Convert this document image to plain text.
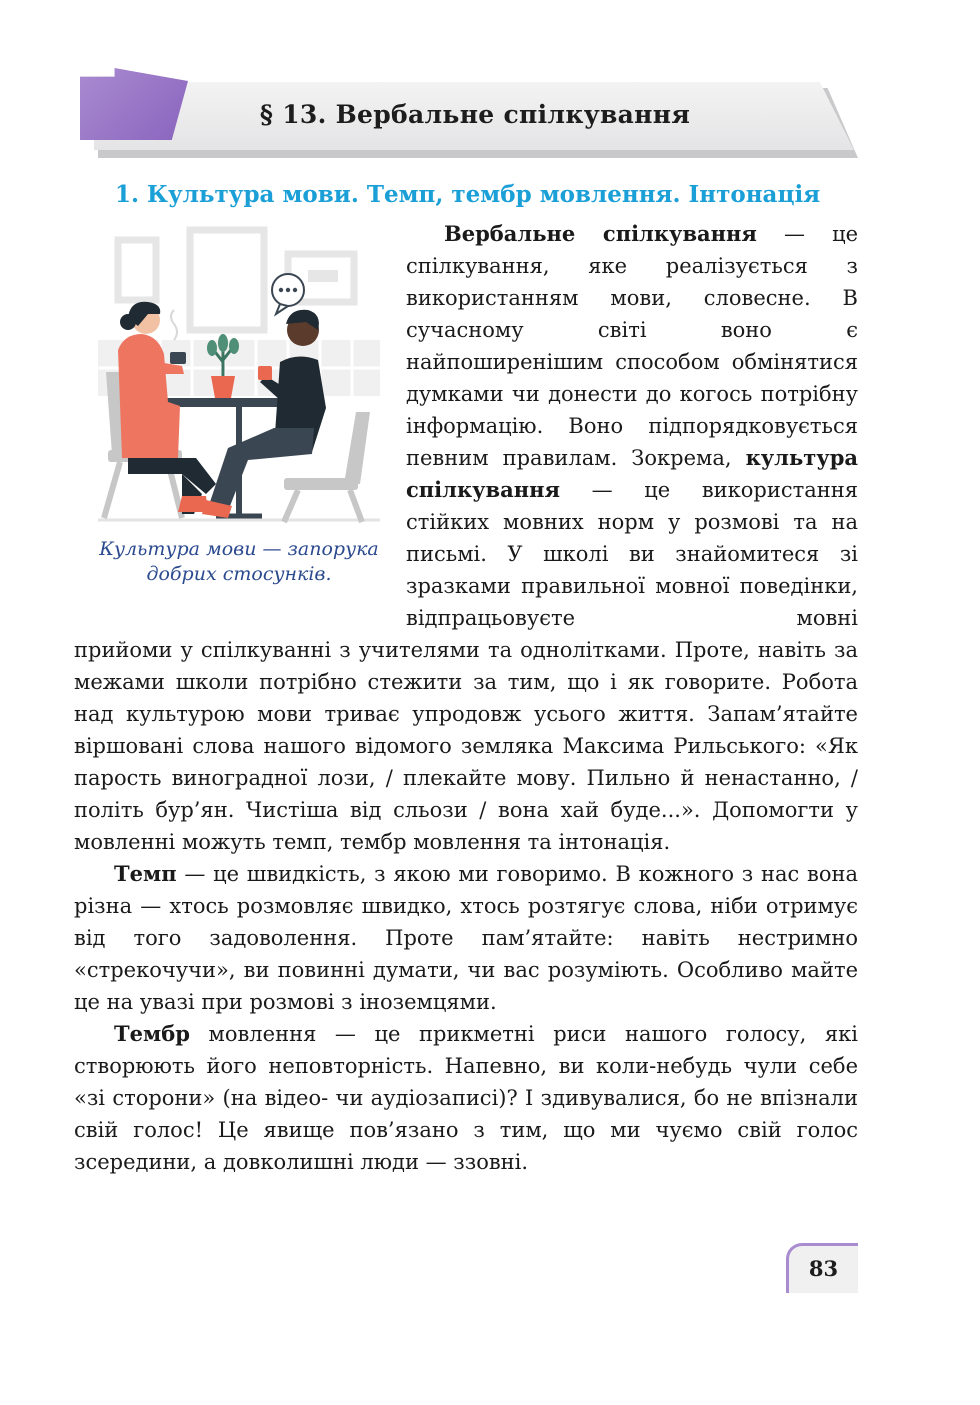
§ 13. Вербальне спілкування
1. Культура мови. Темп, тембр мовлення. Інтонація
Культура мови — запорука добрих стосунків.

Вербальне спілкування — це спілкування, яке реалізується з використанням мови, словесне. В сучасному світі воно є найпоширенішим способом обмінятися думками чи донести до когось потрібну інформацію. Воно підпорядковується певним правилам. Зокрема, культура спілкування — це використання стійких мовних норм у розмові та на письмі. У школі ви знайомитеся зі зразками правильної мовної поведінки, відпрацьовуєте мовні

прийоми у спілкуванні з учителями та однолітками. Проте, навіть за межами школи потрібно стежити за тим, що і як говорите. Робота над культурою мови триває упродовж усього життя. Запам’ятайте віршовані слова нашого відомого земляка Максима Рильського: «Як парость виноградної лози, / плекайте мову. Пильно й ненастанно, / політь бур’ян. Чистіша від сльози / вона хай буде...». Допомогти у мовленні можуть темп, тембр мовлення та інтонація.

Темп — це швидкість, з якою ми говоримо. В кожного з нас вона різна — хтось розмовляє швидко, хтось розтягує слова, ніби отримує від того задоволення. Проте пам’ятайте: навіть нестримно «стрекочучи», ви повинні думати, чи вас розуміють. Особливо майте це на увазі при розмові з іноземцями.

Тембр мовлення — це прикметні риси нашого голосу, які створюють його неповторність. Напевно, ви коли-небудь чули себе «зі сторони» (на відео- чи аудіозаписі)? І здивувалися, бо не впізнали свій голос! Це явище пов’язано з тим, що ми чуємо свій голос зсередини, а довколишні люди — ззовні.

83
